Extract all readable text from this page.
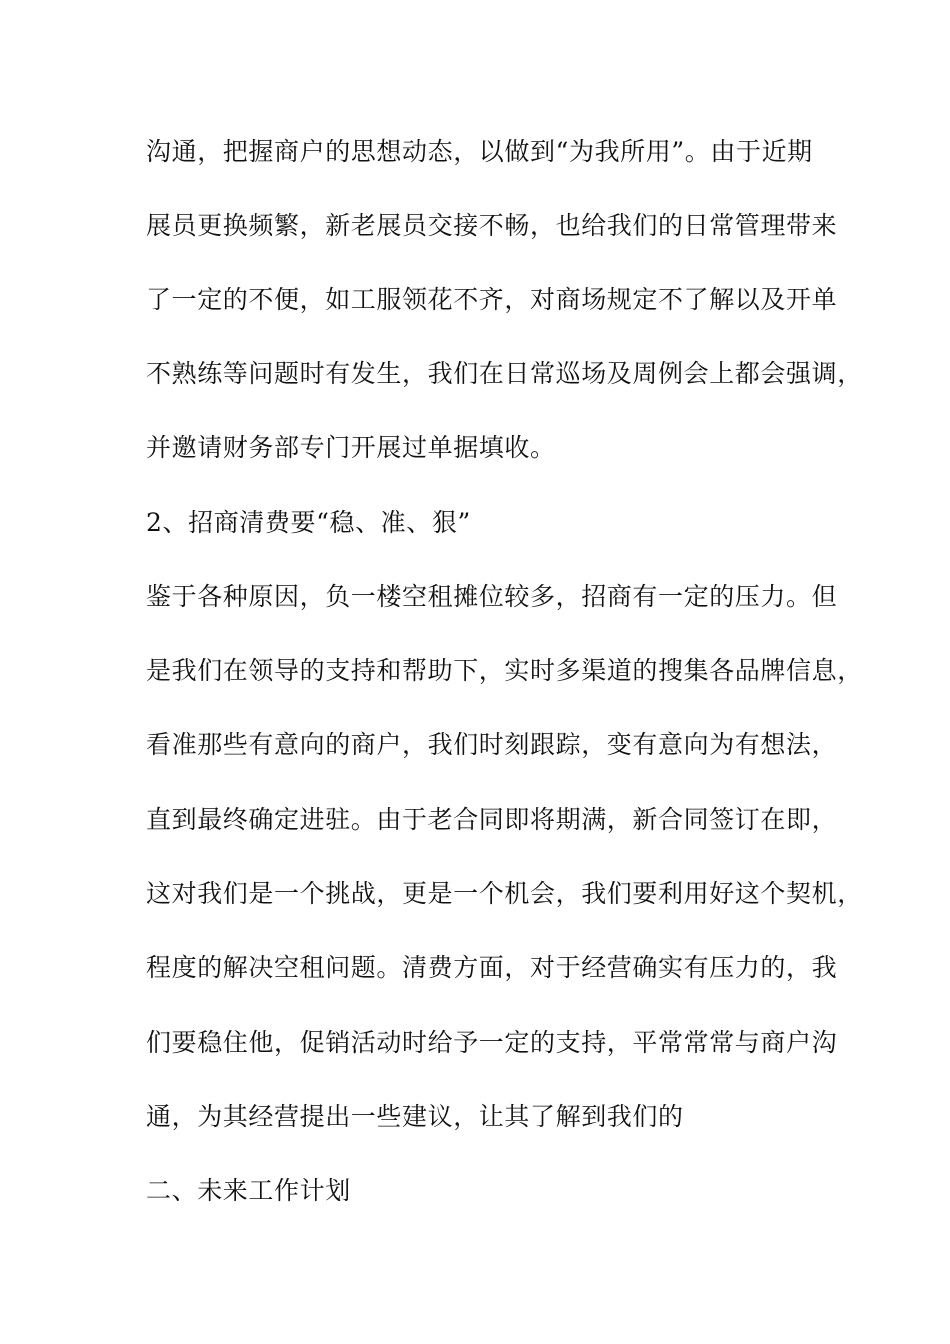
沟通，把握商户的思想动态，以做到“为我所用”。由于近期
展员更换频繁，新老展员交接不畅，也给我们的日常管理带来
了一定的不便，如工服领花不齐，对商场规定不了解以及开单
不熟练等问题时有发生，我们在日常巡场及周例会上都会强调，
并邀请财务部专门开展过单据填收。
2、招商清费要“稳、准、狠”
鉴于各种原因，负一楼空租摊位较多，招商有一定的压力。但
是我们在领导的支持和帮助下，实时多渠道的搜集各品牌信息，
看准那些有意向的商户，我们时刻跟踪，变有意向为有想法，
直到最终确定进驻。由于老合同即将期满，新合同签订在即，
这对我们是一个挑战，更是一个机会，我们要利用好这个契机，
程度的解决空租问题。清费方面，对于经营确实有压力的，我
们要稳住他，促销活动时给予一定的支持，平常常常与商户沟
通，为其经营提出一些建议，让其了解到我们的
二、未来工作计划
